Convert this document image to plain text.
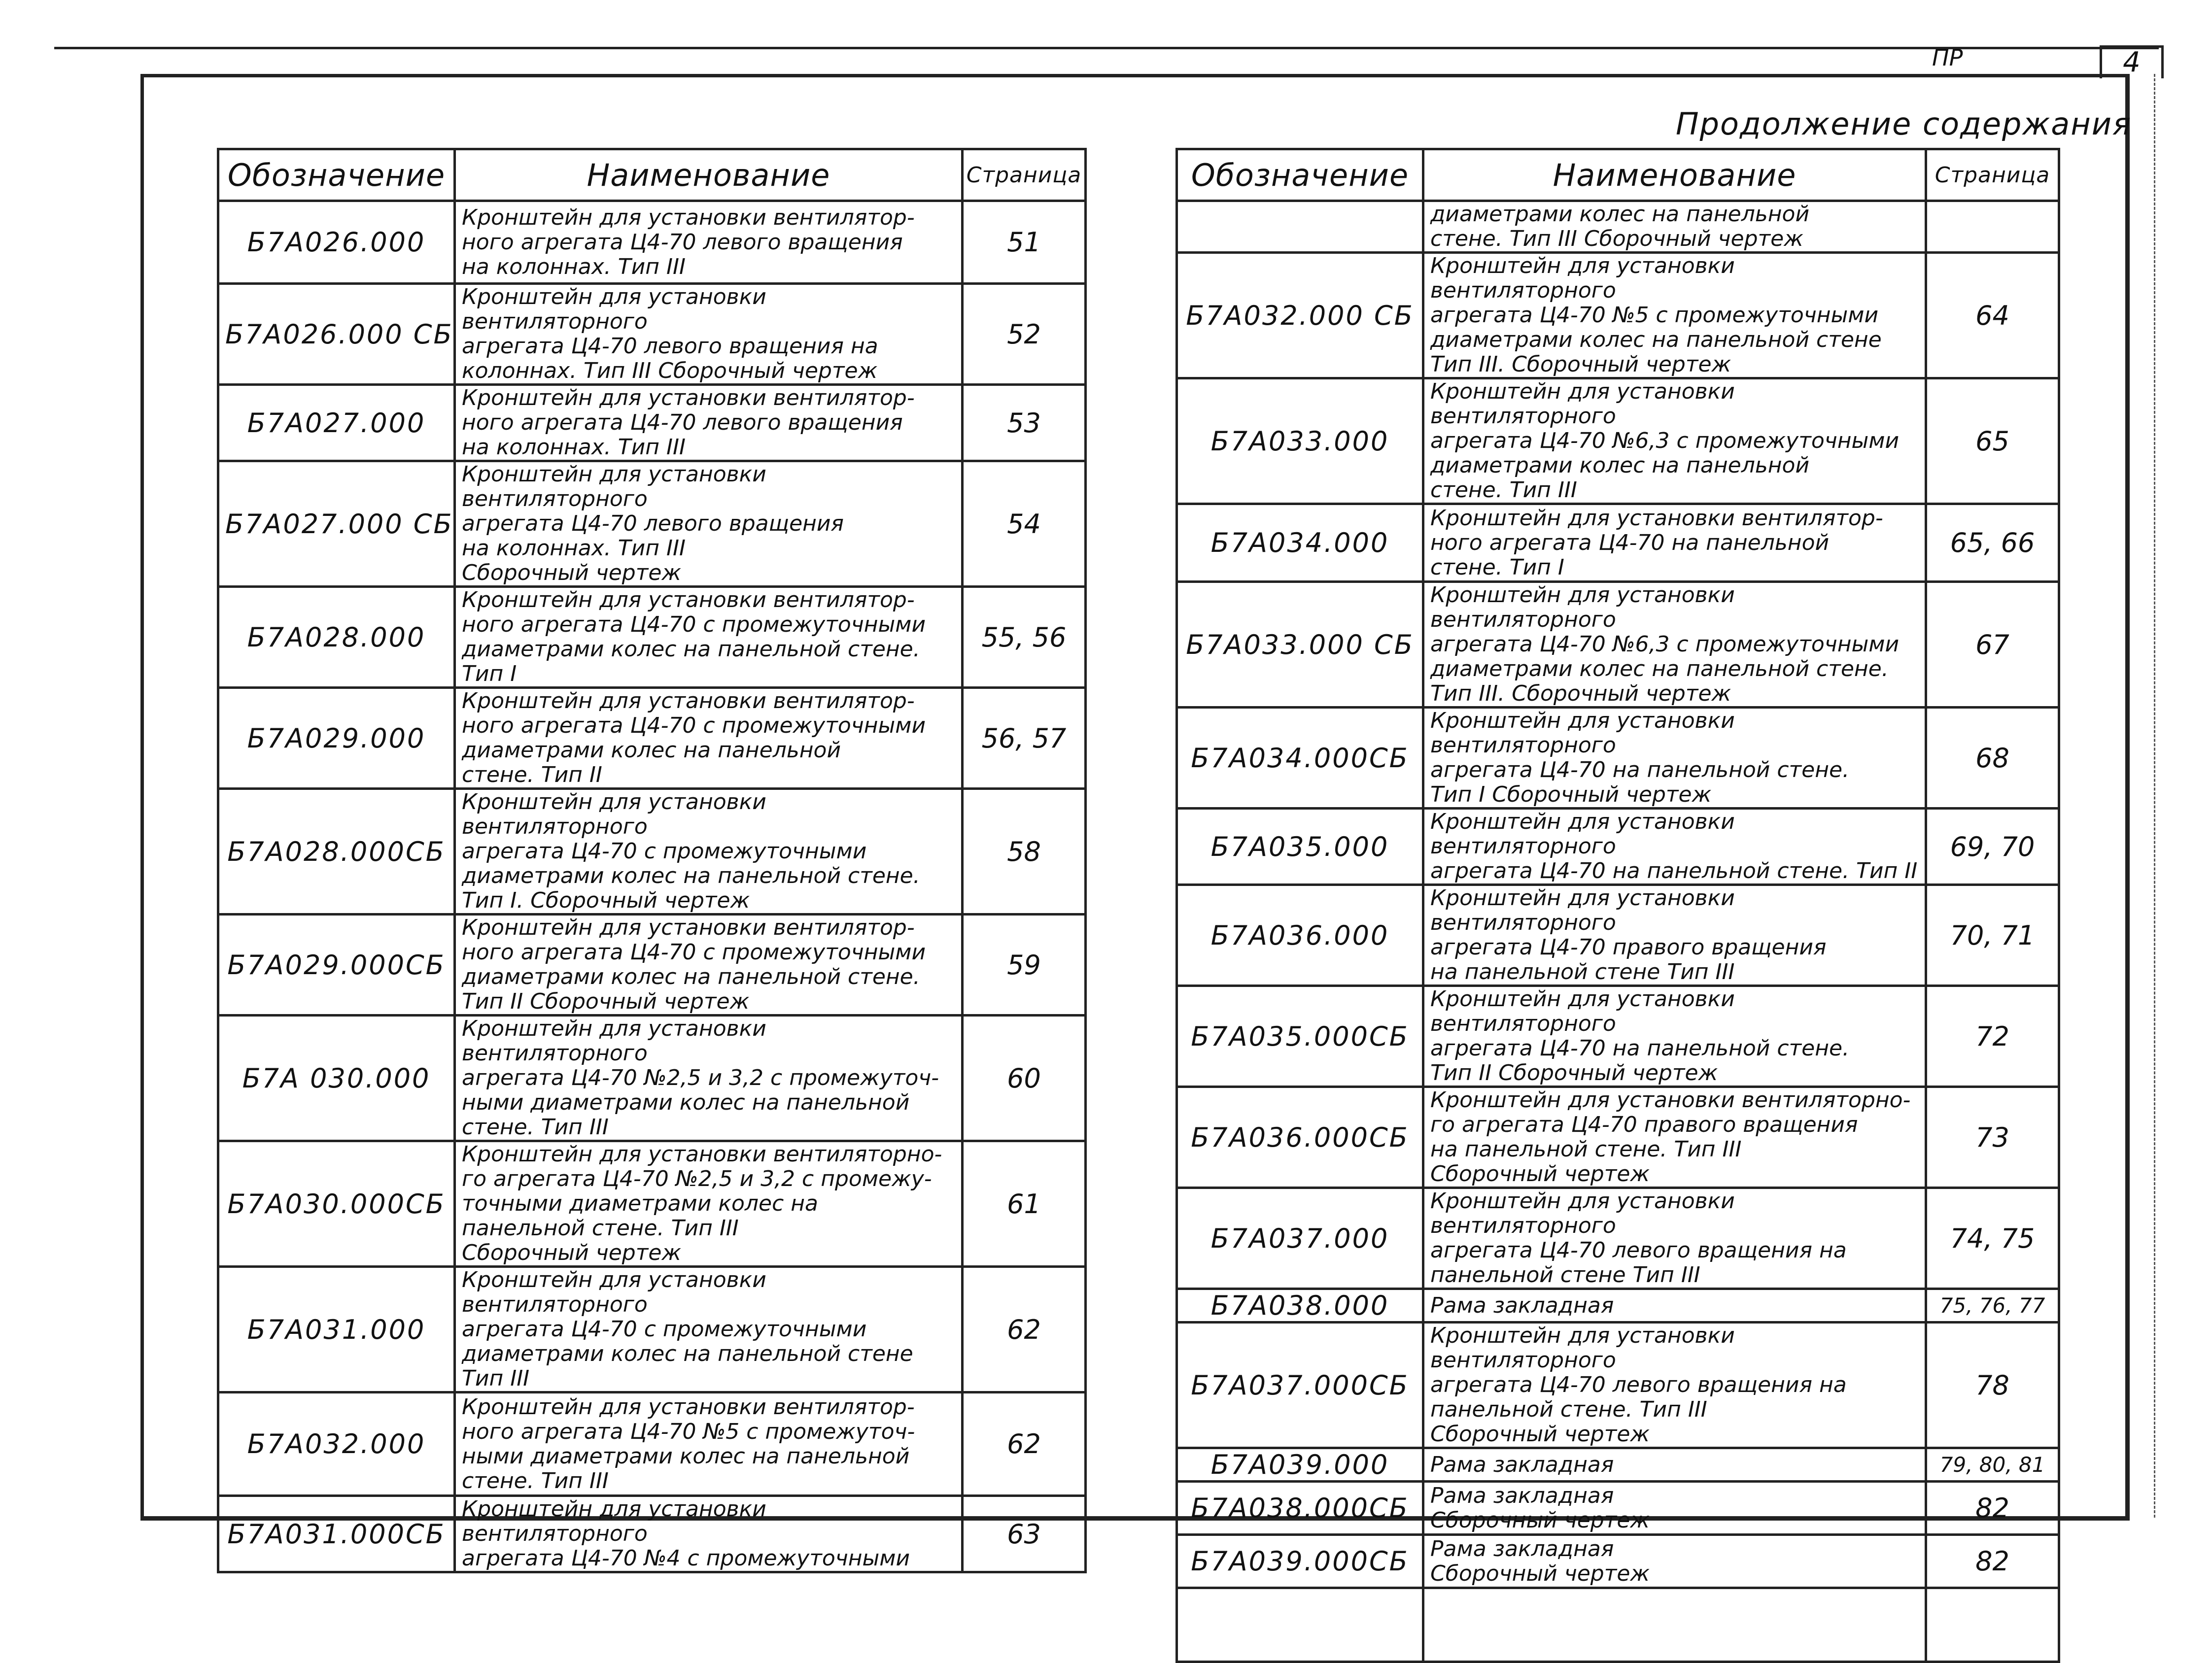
4
ПР
Продолжение содержания
Обозначение	Наименование	Страница
Б7А026.000	Кронштейн для установки вентилятор-
ного агрегата Ц4-70 левого вращения
на колоннах. Тип III	51
Б7А026.000 СБ	Кронштейн для установки вентиляторного
агрегата Ц4-70 левого вращения на
колоннах. Тип III Сборочный чертеж	52
Б7А027.000	Кронштейн для установки вентилятор-
ного агрегата Ц4-70 левого вращения
на колоннах. Тип III	53
Б7А027.000 СБ	Кронштейн для установки вентиляторного
агрегата Ц4-70 левого вращения
на колоннах. Тип III
Сборочный чертеж	54
Б7А028.000	Кронштейн для установки вентилятор-
ного агрегата Ц4-70 с промежуточными
диаметрами колес на панельной стене.
Тип I	55, 56
Б7А029.000	Кронштейн для установки вентилятор-
ного агрегата Ц4-70 с промежуточными
диаметрами колес на панельной
стене. Тип II	56, 57
Б7А028.000СБ	Кронштейн для установки вентиляторного
агрегата Ц4-70 с промежуточными
диаметрами колес на панельной стене.
Тип I. Сборочный чертеж	58
Б7А029.000СБ	Кронштейн для установки вентилятор-
ного агрегата Ц4-70 с промежуточными
диаметрами колес на панельной стене.
Тип II Сборочный чертеж	59
Б7А 030.000	Кронштейн для установки вентиляторного
агрегата Ц4-70 №2,5 и 3,2 с промежуточ-
ными диаметрами колес на панельной
стене. Тип III	60
Б7А030.000СБ	Кронштейн для установки вентиляторно-
го агрегата Ц4-70 №2,5 и 3,2 с промежу-
точными диаметрами колес на
панельной стене. Тип III
Сборочный чертеж	61
Б7А031.000	Кронштейн для установки вентиляторного
агрегата Ц4-70 с промежуточными
диаметрами колес на панельной стене
Тип III	62
Б7А032.000	Кронштейн для установки вентилятор-
ного агрегата Ц4-70 №5 с промежуточ-
ными диаметрами колес на панельной
стене. Тип III	62
Б7А031.000СБ	Кронштейн для установки вентиляторного
агрегата Ц4-70 №4 с промежуточными	63
Обозначение	Наименование	Страница
	диаметрами колес на панельной
стене. Тип III Сборочный чертеж	
Б7А032.000 СБ	Кронштейн для установки вентиляторного
агрегата Ц4-70 №5 с промежуточными
диаметрами колес на панельной стене
Тип III. Сборочный чертеж	64
Б7А033.000	Кронштейн для установки вентиляторного
агрегата Ц4-70 №6,3 с промежуточными
диаметрами колес на панельной
стене. Тип III	65
Б7А034.000	Кронштейн для установки вентилятор-
ного агрегата Ц4-70 на панельной
стене. Тип I	65, 66
Б7А033.000 СБ	Кронштейн для установки вентиляторного
агрегата Ц4-70 №6,3 с промежуточными
диаметрами колес на панельной стене.
Тип III. Сборочный чертеж	67
Б7А034.000СБ	Кронштейн для установки вентиляторного
агрегата Ц4-70 на панельной стене.
Тип I Сборочный чертеж	68
Б7А035.000	Кронштейн для установки вентиляторного
агрегата Ц4-70 на панельной стене. Тип II	69, 70
Б7А036.000	Кронштейн для установки вентиляторного
агрегата Ц4-70 правого вращения
на панельной стене Тип III	70, 71
Б7А035.000СБ	Кронштейн для установки вентиляторного
агрегата Ц4-70 на панельной стене.
Тип II Сборочный чертеж	72
Б7А036.000СБ	Кронштейн для установки вентиляторно-
го агрегата Ц4-70 правого вращения
на панельной стене. Тип III
Сборочный чертеж	73
Б7А037.000	Кронштейн для установки вентиляторного
агрегата Ц4-70 левого вращения на
панельной стене Тип III	74, 75
Б7А038.000	Рама закладная	75, 76, 77
Б7А037.000СБ	Кронштейн для установки вентиляторного
агрегата Ц4-70 левого вращения на
панельной стене. Тип III
Сборочный чертеж	78
Б7А039.000	Рама закладная	79, 80, 81
Б7А038.000СБ	Рама закладная
Сборочный чертеж	82
Б7А039.000СБ	Рама закладная
Сборочный чертеж	82
